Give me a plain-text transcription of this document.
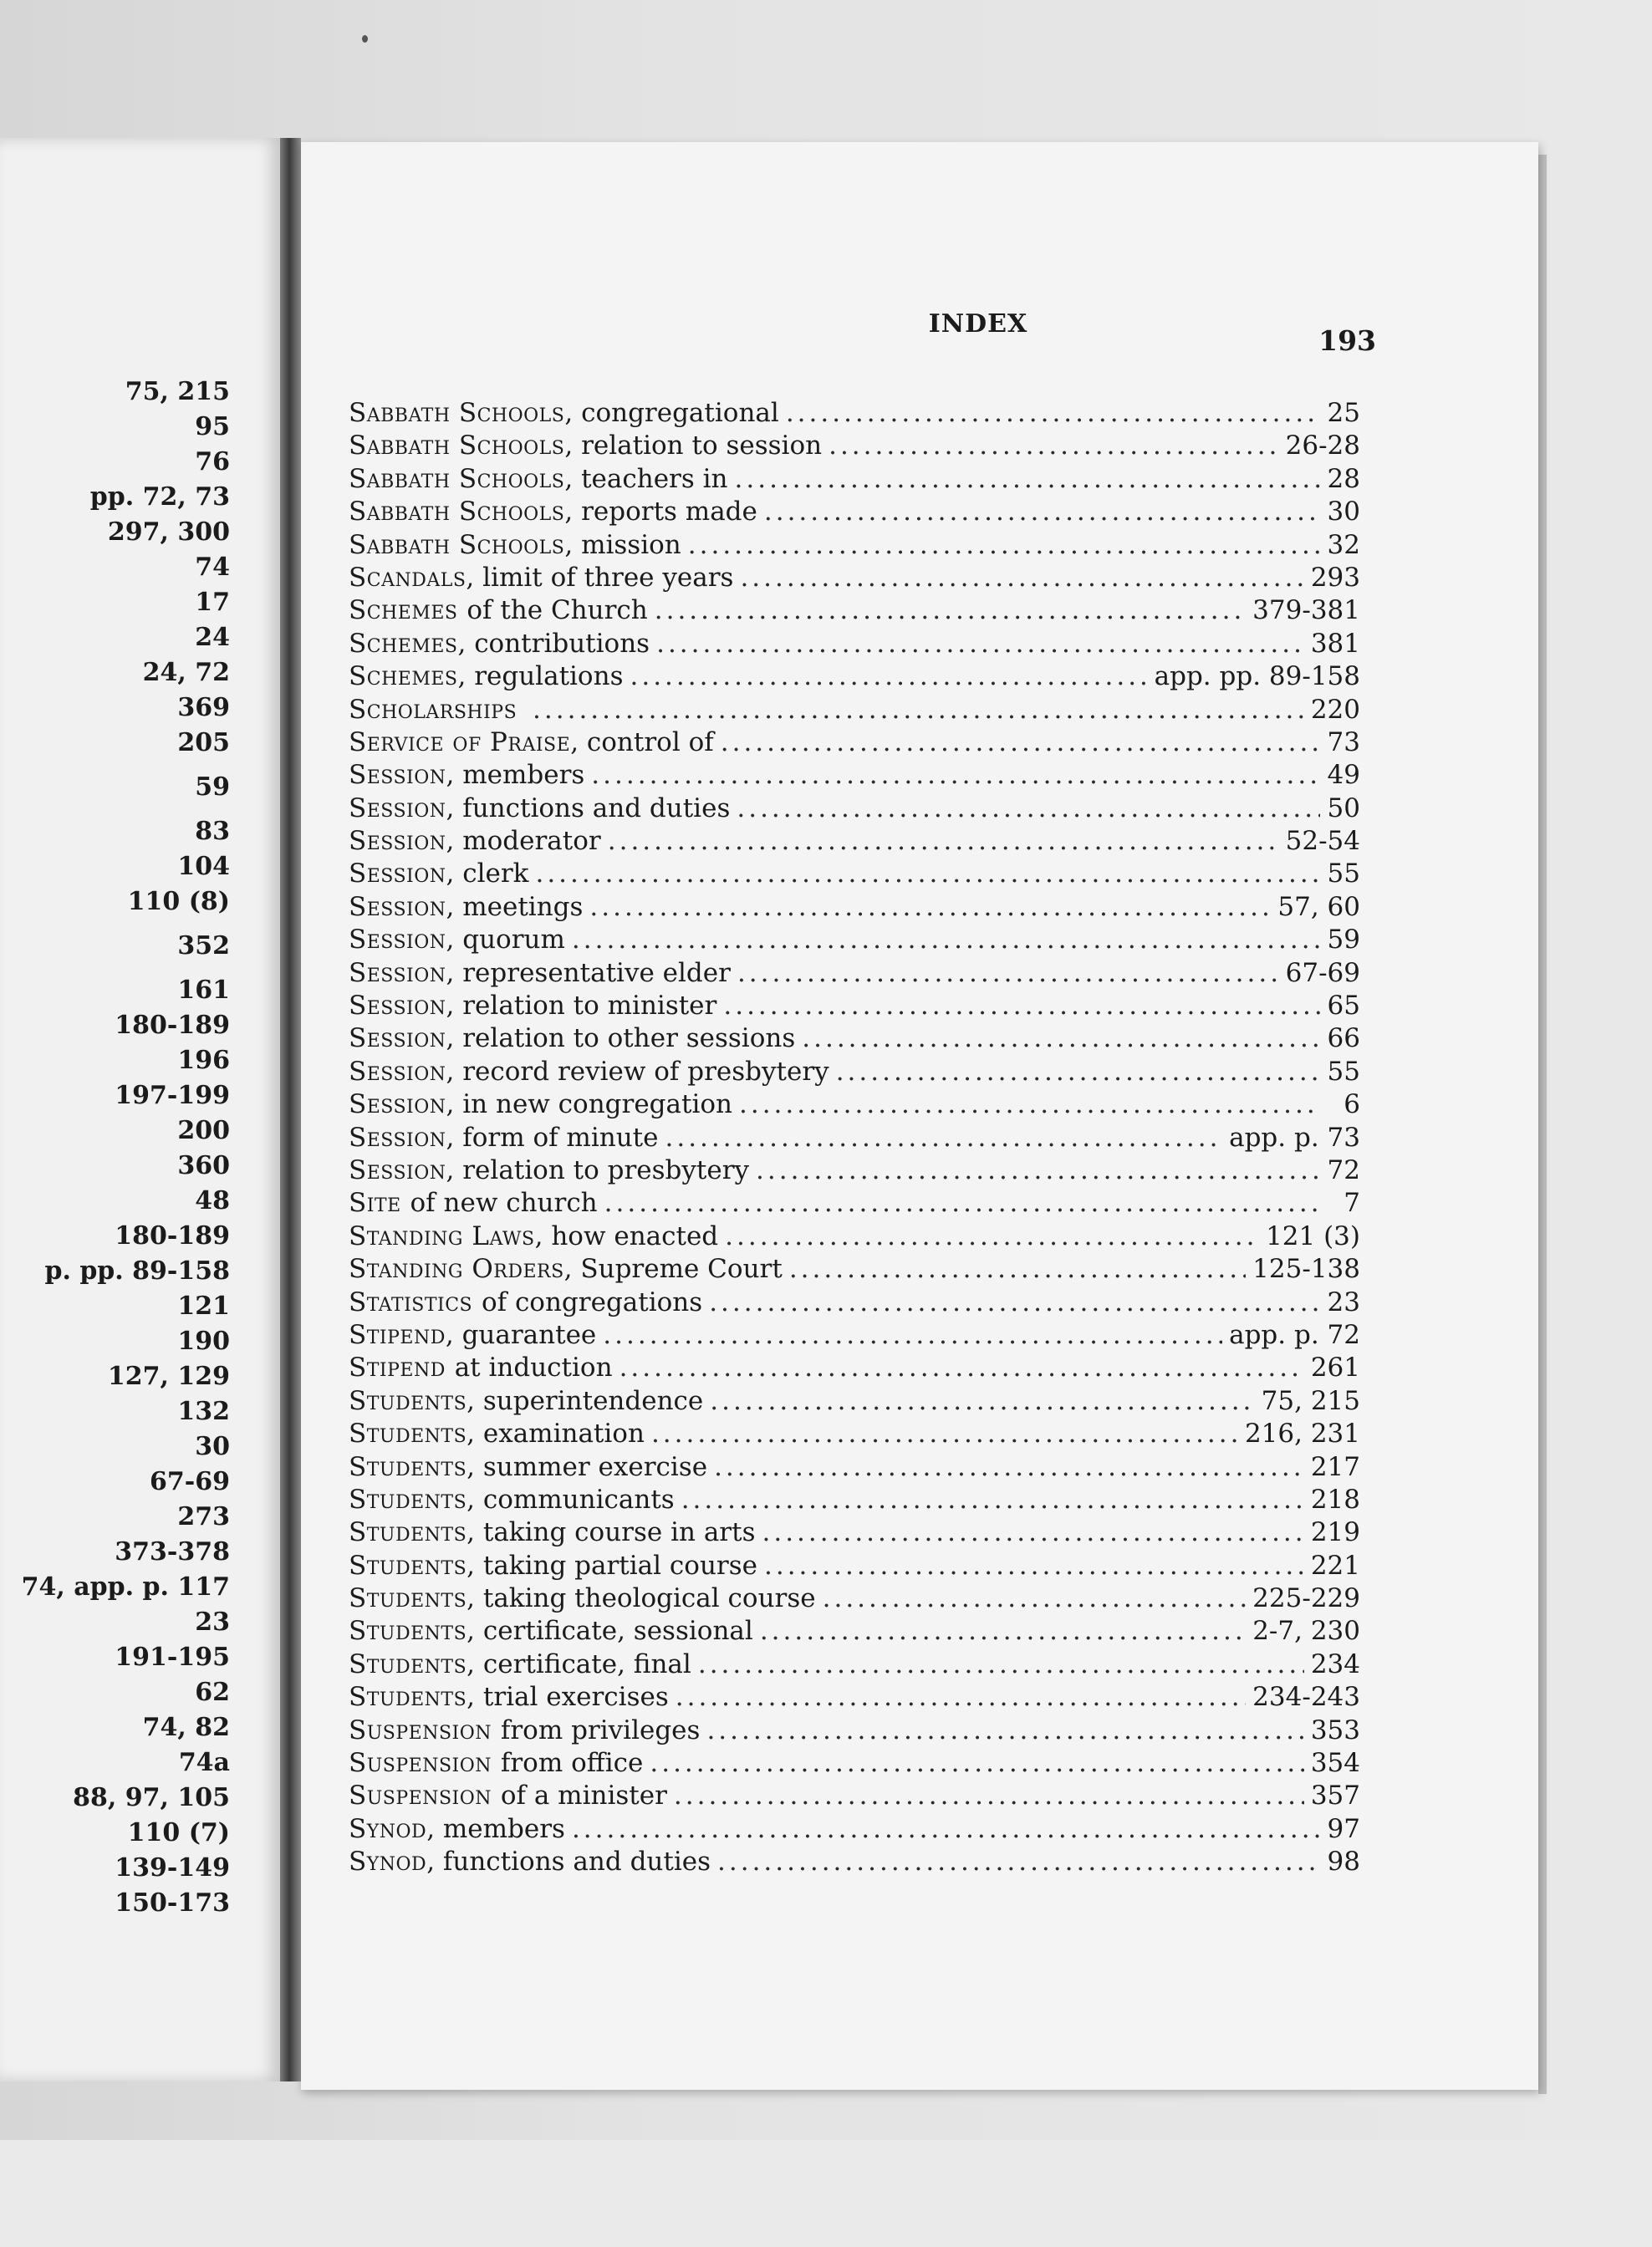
75, 215
95
76
pp. 72, 73
297, 300
74
17
24
24, 72
369
205
59
83
104
110 (8)
352
161
180-189
196
197-199
200
360
48
180-189
p. pp. 89-158
121
190
127, 129
132
30
67-69
273
373-378
74, app. p. 117
23
191-195
62
74, 82
74a
88, 97, 105
110 (7)
139-149
150-173
INDEX
193
Sabbath Schools , congregational .....	25
Sabbath Schools , relation to session .....	26-28
Sabbath Schools , teachers in .....	28
Sabbath Schools , reports made .....	30
Sabbath Schools , mission .....	32
Scandals , limit of three years .....	293
Schemes of the Church .....	379-381
Schemes , contributions .....	381
Schemes , regulations .....	app. pp. 89-158
Scholarships .....	220
Service of Praise , control of .....	73
Session , members .....	49
Session , functions and duties .....	50
Session , moderator .....	52-54
Session , clerk .....	55
Session , meetings .....	57, 60
Session , quorum .....	59
Session , representative elder .....	67-69
Session , relation to minister .....	65
Session , relation to other sessions .....	66
Session , record review of presbytery .....	55
Session , in new congregation .....	6
Session , form of minute .....	app. p. 73
Session , relation to presbytery .....	72
Site of new church .....	7
Standing Laws , how enacted .....	121 (3)
Standing Orders , Supreme Court .....	125-138
Statistics of congregations .....	23
Stipend , guarantee .....	app. p. 72
Stipend at induction .....	261
Students , superintendence .....	75, 215
Students , examination .....	216, 231
Students , summer exercise .....	217
Students , communicants .....	218
Students , taking course in arts .....	219
Students , taking partial course .....	221
Students , taking theological course .....	225-229
Students , certificate, sessional .....	2-7, 230
Students , certificate, final .....	234
Students , trial exercises .....	234-243
Suspension from privileges .....	353
Suspension from office .....	354
Suspension of a minister .....	357
Synod , members .....	97
Synod , functions and duties .....	98
